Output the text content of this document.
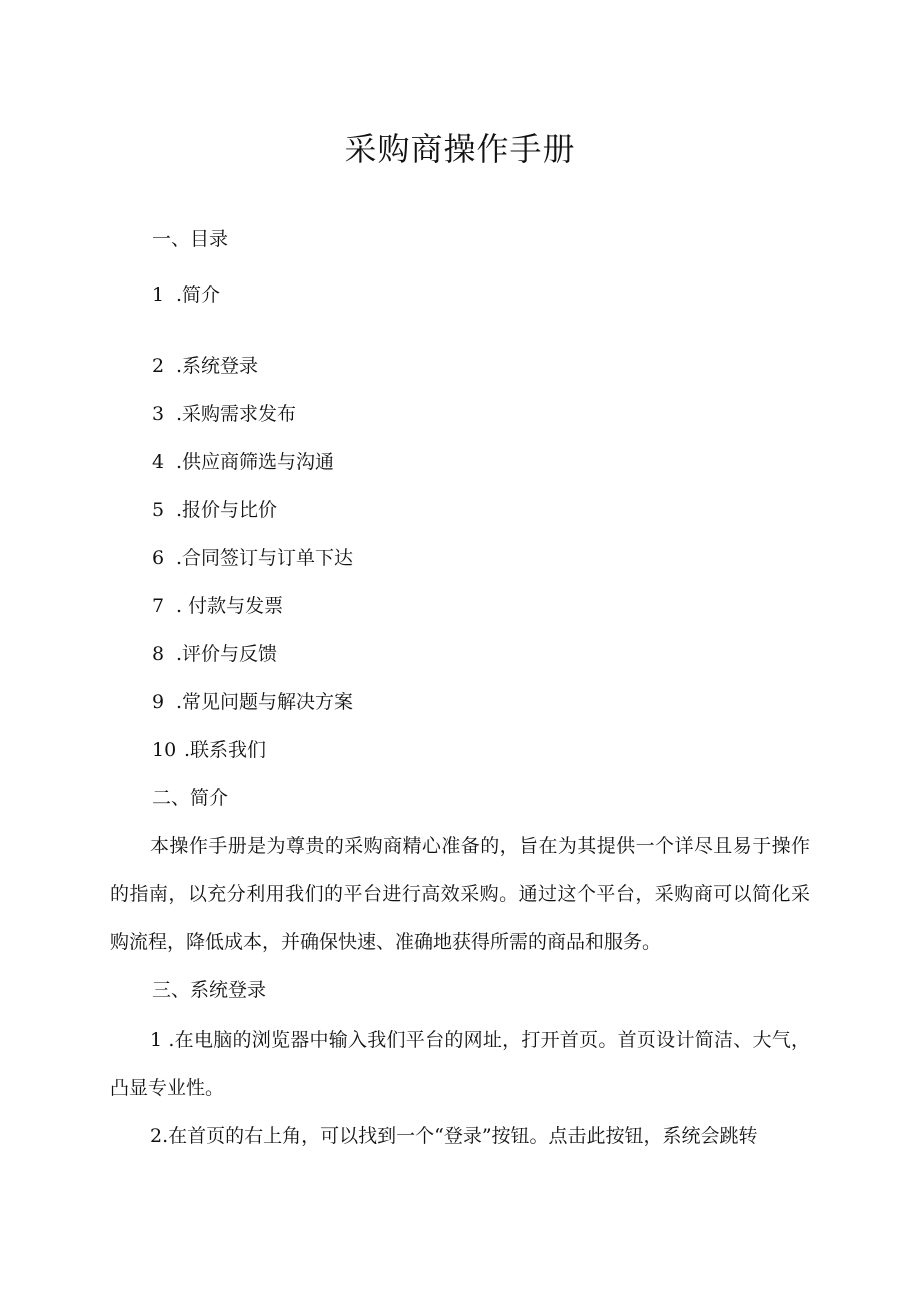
采购商操作手册
一、目录
1 .简介
2 .系统登录
3 .采购需求发布
4 .供应商筛选与沟通
5 .报价与比价
6 .合同签订与订单下达
7 . 付款与发票
8 .评价与反馈
9 .常见问题与解决方案
10 .联系我们
二、简介
本操作手册是为尊贵的采购商精心准备的，旨在为其提供一个详尽且易于操作的指南，以充分利用我们的平台进行高效采购。通过这个平台，采购商可以简化采购流程，降低成本，并确保快速、准确地获得所需的商品和服务。
三、系统登录
1 .在电脑的浏览器中输入我们平台的网址，打开首页。首页设计简洁、大气，凸显专业性。
2.在首页的右上角，可以找到一个“登录”按钮。点击此按钮，系统会跳转
